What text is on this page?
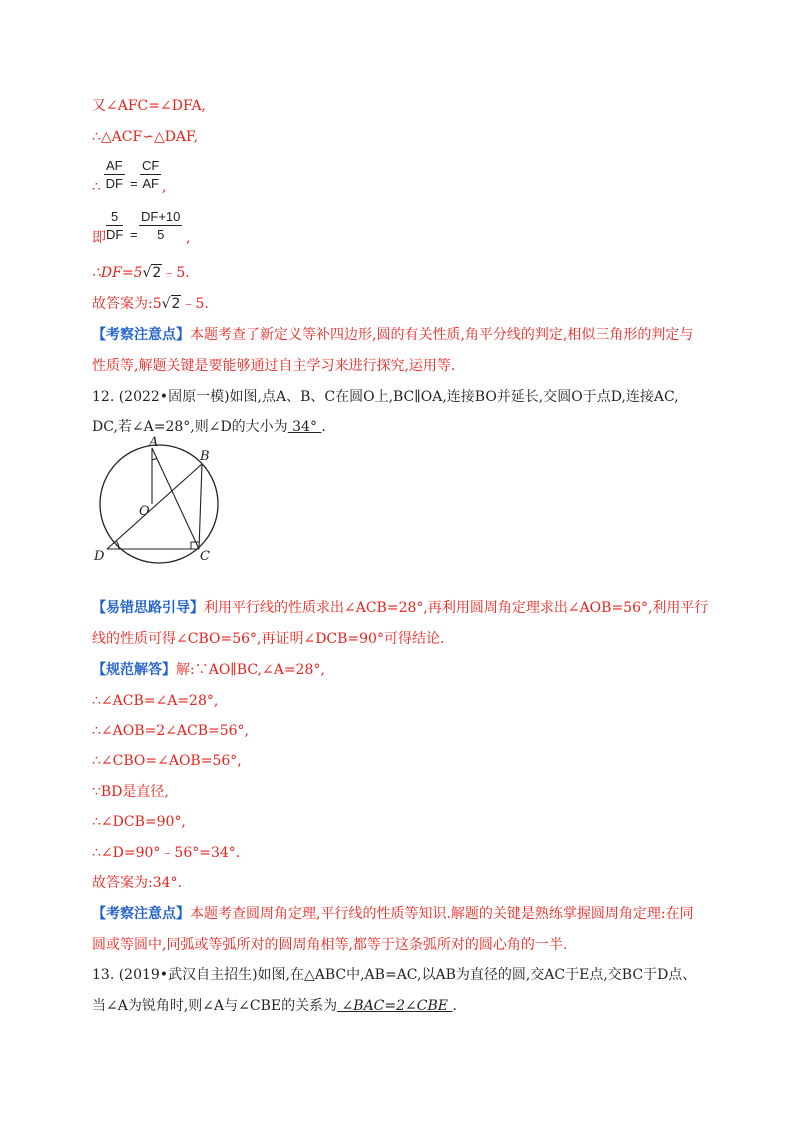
又∠AFC=∠DFA,
∴△ACF∽△DAF,
∴ $\frac{AF}{DF} = \frac{CF}{AF}$ ,
即 $\frac{5}{DF} = \frac{DF+10}{5}$ ,
∴DF=5√2﹣5.
故答案为:5√2﹣5.
【考察注意点】本题考查了新定义等补四边形,圆的有关性质,角平分线的判定,相似三角形的判定与
性质等,解题关键是要能够通过自主学习来进行探究,运用等.
12. (2022•固原一模)如图,点A、B、C在圆O上,BC∥OA,连接BO并延长,交圆O于点D,连接AC,
DC,若∠A=28°,则∠D的大小为 34° .
A
B
O
D	C
【易错思路引导】利用平行线的性质求出∠ACB=28°,再利用圆周角定理求出∠AOB=56°,利用平行
线的性质可得∠CBO=56°,再证明∠DCB=90°可得结论.
【规范解答】解:∵AO∥BC,∠A=28°,
∴∠ACB=∠A=28°,
∴∠AOB=2∠ACB=56°,
∴∠CBO=∠AOB=56°,
∵BD是直径,
∴∠DCB=90°,
∴∠D=90°﹣56°=34°.
故答案为:34°.
【考察注意点】本题考查圆周角定理,平行线的性质等知识.解题的关键是熟练掌握圆周角定理:在同
圆或等圆中,同弧或等弧所对的圆周角相等,都等于这条弧所对的圆心角的一半.
13. (2019•武汉自主招生)如图,在△ABC中,AB=AC,以AB为直径的圆,交AC于E点,交BC于D点、
当∠A为锐角时,则∠A与∠CBE的关系为 ∠BAC=2∠CBE .
